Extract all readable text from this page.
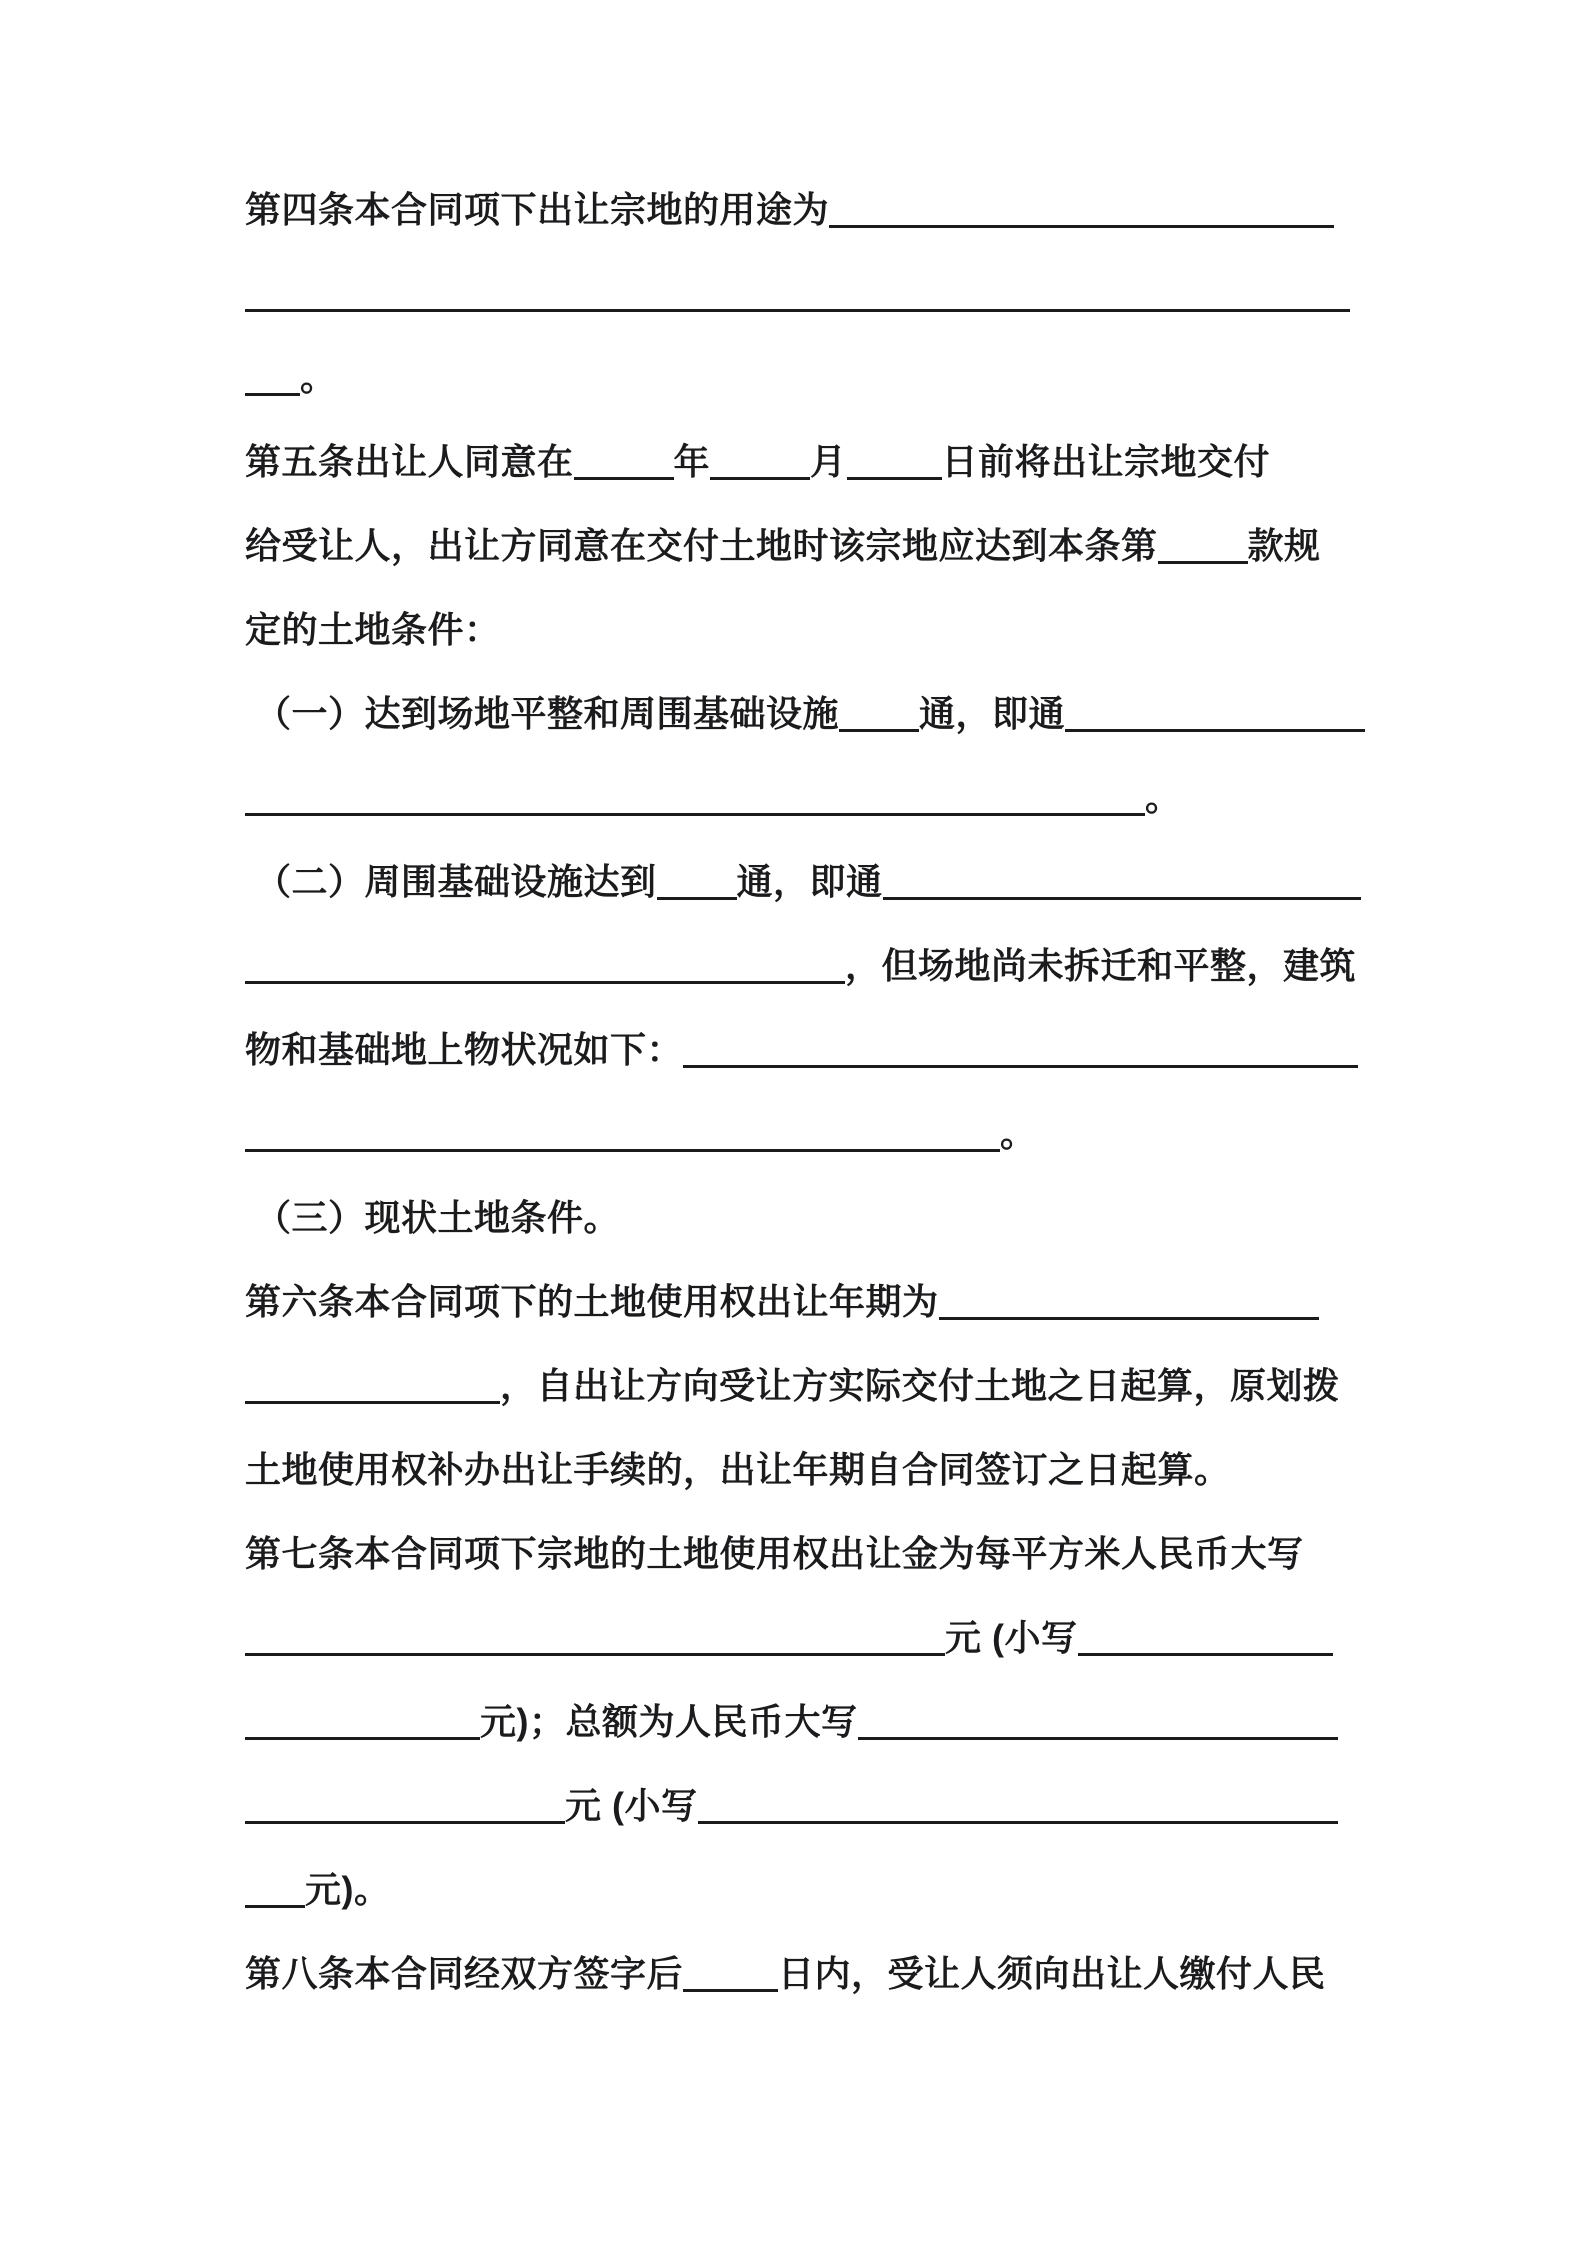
第四条本合同项下出让宗地的用途为
。
第五条出让人同意在	年	月	日前将出让宗地交付
给受让人，出让方同意在交付土地时该宗地应达到本条第	款规
定的土地条件：
（一）达到场地平整和周围基础设施 通，即通
。
（二）周围基础设施达到 通，即通
，但场地尚未拆迁和平整，建筑
物和基础地上物状况如下：
。
（三）现状土地条件。
第六条本合同项下的土地使用权出让年期为
，自出让方向受让方实际交付土地之日起算，原划拨
土地使用权补办出让手续的，出让年期自合同签订之日起算。
第七条本合同项下宗地的土地使用权出让金为每平方米人民币大写
元 (小写
元)；总额为人民币大写
元 (小写
元)。
第八条本合同经双方签字后	日内，受让人须向出让人缴付人民
